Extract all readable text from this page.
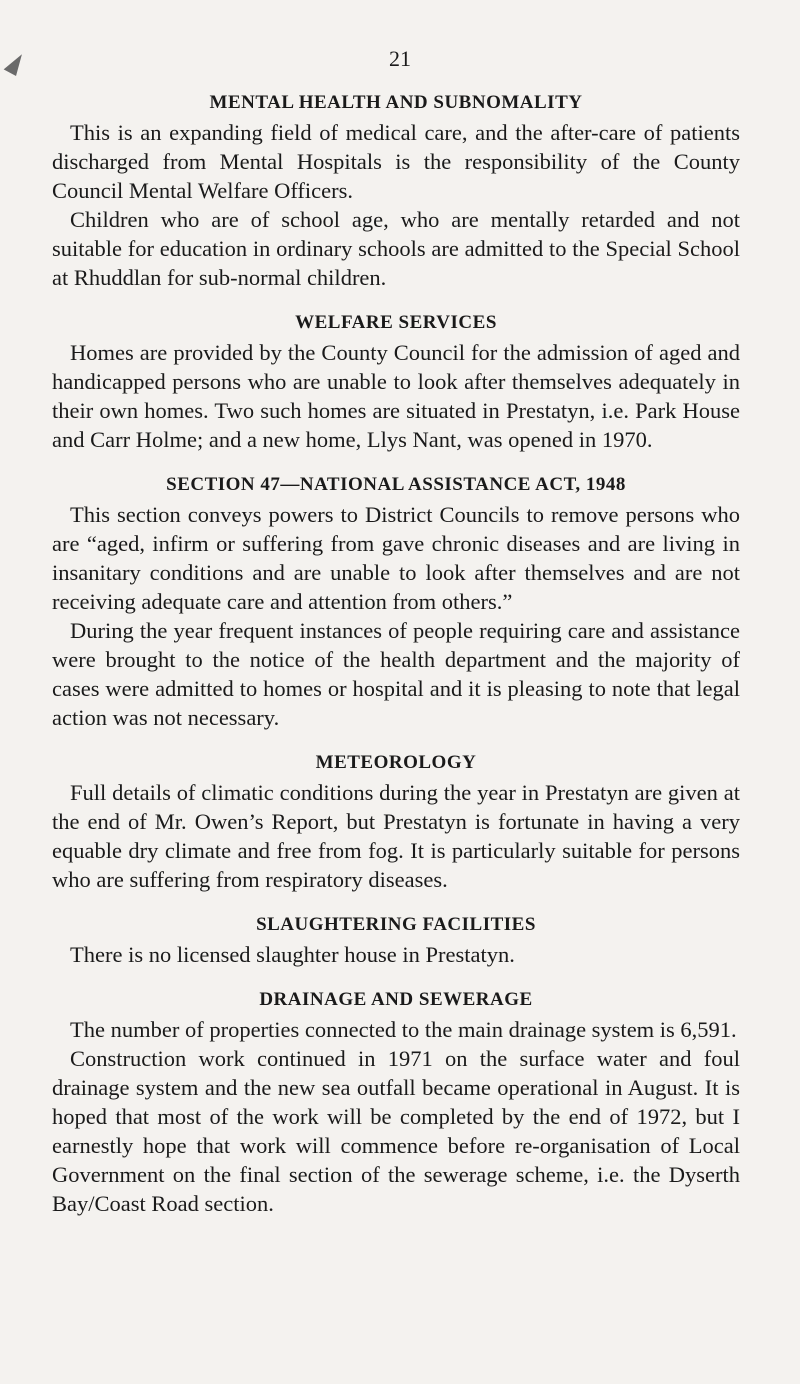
21
MENTAL HEALTH AND SUBNOMALITY

This is an expanding field of medical care, and the after-care of patients discharged from Mental Hospitals is the responsibility of the County Council Mental Welfare Officers.

Children who are of school age, who are mentally retarded and not suitable for education in ordinary schools are admitted to the Special School at Rhuddlan for sub-normal children.

WELFARE SERVICES

Homes are provided by the County Council for the admission of aged and handicapped persons who are unable to look after themselves adequately in their own homes. Two such homes are situated in Prestatyn, i.e. Park House and Carr Holme; and a new home, Llys Nant, was opened in 1970.

SECTION 47—NATIONAL ASSISTANCE ACT, 1948

This section conveys powers to District Councils to remove persons who are “aged, infirm or suffering from gave chronic diseases and are living in insanitary conditions and are unable to look after themselves and are not receiving adequate care and attention from others.”

During the year frequent instances of people requiring care and assistance were brought to the notice of the health department and the majority of cases were admitted to homes or hospital and it is pleasing to note that legal action was not necessary.

METEOROLOGY

Full details of climatic conditions during the year in Prestatyn are given at the end of Mr. Owen’s Report, but Prestatyn is fortunate in having a very equable dry climate and free from fog. It is particularly suitable for persons who are suffering from respiratory diseases.

SLAUGHTERING FACILITIES

There is no licensed slaughter house in Prestatyn.

DRAINAGE AND SEWERAGE

The number of properties connected to the main drainage system is 6,591.

Construction work continued in 1971 on the surface water and foul drainage system and the new sea outfall became operational in August. It is hoped that most of the work will be completed by the end of 1972, but I earnestly hope that work will commence before re-organisation of Local Government on the final section of the sewerage scheme, i.e. the Dyserth Bay/Coast Road section.
